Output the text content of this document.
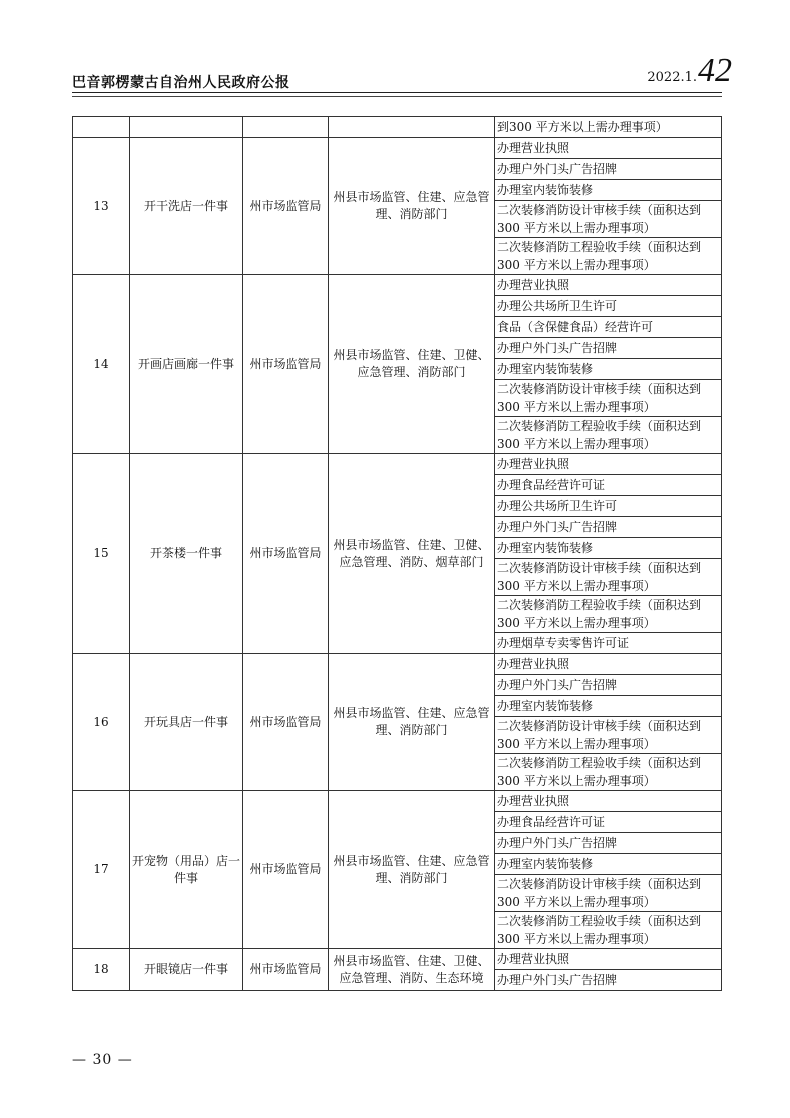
巴音郭楞蒙古自治州人民政府公报	2022.1.42
				到300 平方米以上需办理事项）
13	开干洗店一件事	州市场监管局	州县市场监管、住建、应急管理、消防部门	办理营业执照
				办理户外门头广告招牌
				办理室内装饰装修
				二次装修消防设计审核手续（面积达到300 平方米以上需办理事项）
				二次装修消防工程验收手续（面积达到300 平方米以上需办理事项）
14	开画店画廊一件事	州市场监管局	州县市场监管、住建、卫健、应急管理、消防部门	办理营业执照
				办理公共场所卫生许可
				食品（含保健食品）经营许可
				办理户外门头广告招牌
				办理室内装饰装修
				二次装修消防设计审核手续（面积达到300 平方米以上需办理事项）
				二次装修消防工程验收手续（面积达到300 平方米以上需办理事项）
15	开茶楼一件事	州市场监管局	州县市场监管、住建、卫健、应急管理、消防、烟草部门	办理营业执照
				办理食品经营许可证
				办理公共场所卫生许可
				办理户外门头广告招牌
				办理室内装饰装修
				二次装修消防设计审核手续（面积达到300 平方米以上需办理事项）
				二次装修消防工程验收手续（面积达到300 平方米以上需办理事项）
				办理烟草专卖零售许可证
16	开玩具店一件事	州市场监管局	州县市场监管、住建、应急管理、消防部门	办理营业执照
				办理户外门头广告招牌
				办理室内装饰装修
				二次装修消防设计审核手续（面积达到300 平方米以上需办理事项）
				二次装修消防工程验收手续（面积达到300 平方米以上需办理事项）
17	开宠物（用品）店一件事	州市场监管局	州县市场监管、住建、应急管理、消防部门	办理营业执照
				办理食品经营许可证
				办理户外门头广告招牌
				办理室内装饰装修
				二次装修消防设计审核手续（面积达到300 平方米以上需办理事项）
				二次装修消防工程验收手续（面积达到300 平方米以上需办理事项）
18	开眼镜店一件事	州市场监管局	州县市场监管、住建、卫健、应急管理、消防、生态环境	办理营业执照
				办理户外门头广告招牌
— 30 —
